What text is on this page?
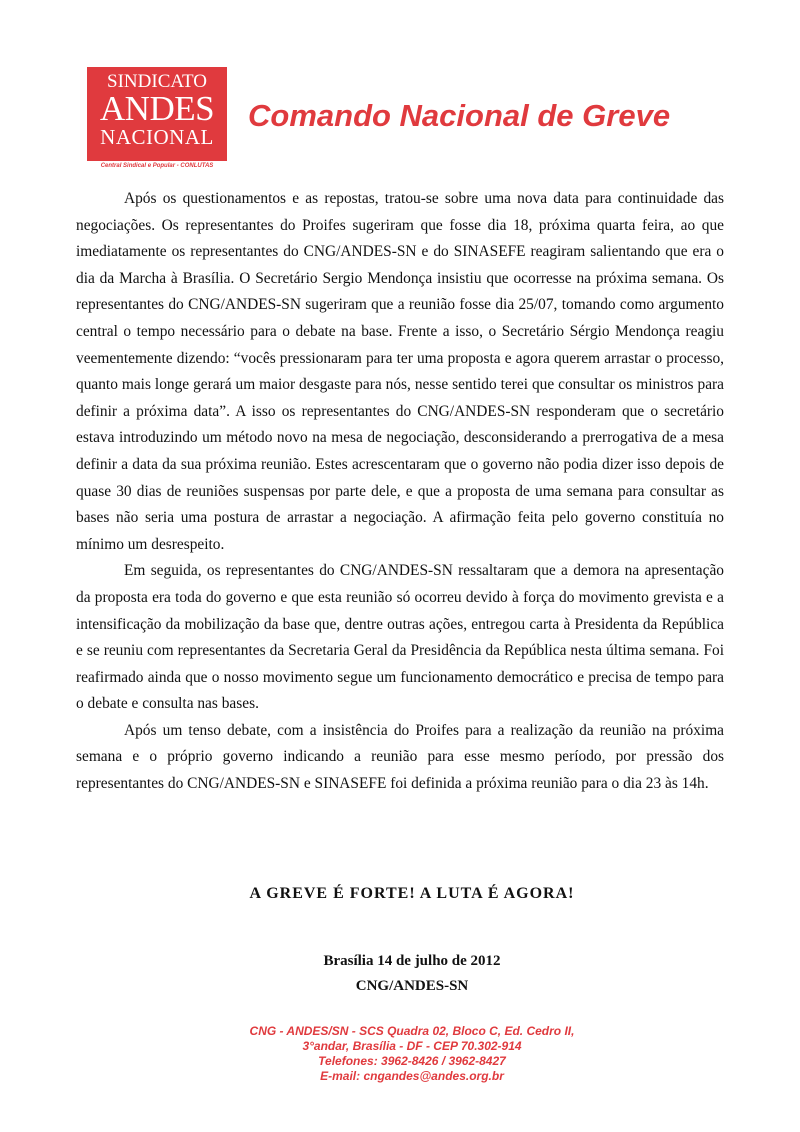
SINDICATO
ANDES
NACIONAL
Central Sindical e Popular - CONLUTAS
Comando Nacional de Greve

Após os questionamentos e as repostas, tratou-se sobre uma nova data para continuidade das negociações. Os representantes do Proifes sugeriram que fosse dia 18, próxima quarta feira, ao que imediatamente os representantes do CNG/ANDES-SN e do SINASEFE reagiram salientando que era o dia da Marcha à Brasília. O Secretário Sergio Mendonça insistiu que ocorresse na próxima semana. Os representantes do CNG/ANDES-SN sugeriram que a reunião fosse dia 25/07, tomando como argumento central o tempo necessário para o debate na base. Frente a isso, o Secretário Sérgio Mendonça reagiu veementemente dizendo: “vocês pressionaram para ter uma proposta e agora querem arrastar o processo, quanto mais longe gerará um maior desgaste para nós, nesse sentido terei que consultar os ministros para definir a próxima data”. A isso os representantes do CNG/ANDES-SN responderam que o secretário estava introduzindo um método novo na mesa de negociação, desconsiderando a prerrogativa de a mesa definir a data da sua próxima reunião. Estes acrescentaram que o governo não podia dizer isso depois de quase 30 dias de reuniões suspensas por parte dele, e que a proposta de uma semana para consultar as bases não seria uma postura de arrastar a negociação. A afirmação feita pelo governo constituía no mínimo um desrespeito.

Em seguida, os representantes do CNG/ANDES-SN ressaltaram que a demora na apresentação da proposta era toda do governo e que esta reunião só ocorreu devido à força do movimento grevista e a intensificação da mobilização da base que, dentre outras ações, entregou carta à Presidenta da República e se reuniu com representantes da Secretaria Geral da Presidência da República nesta última semana. Foi reafirmado ainda que o nosso movimento segue um funcionamento democrático e precisa de tempo para o debate e consulta nas bases.

Após um tenso debate, com a insistência do Proifes para a realização da reunião na próxima semana e o próprio governo indicando a reunião para esse mesmo período, por pressão dos representantes do CNG/ANDES-SN e SINASEFE foi definida a próxima reunião para o dia 23 às 14h.

A GREVE É FORTE! A LUTA É AGORA!
Brasília 14 de julho de 2012
CNG/ANDES-SN
CNG - ANDES/SN - SCS Quadra 02, Bloco C, Ed. Cedro II,
3°andar, Brasília - DF - CEP 70.302-914
Telefones: 3962-8426 / 3962-8427
E-mail: cngandes@andes.org.br
